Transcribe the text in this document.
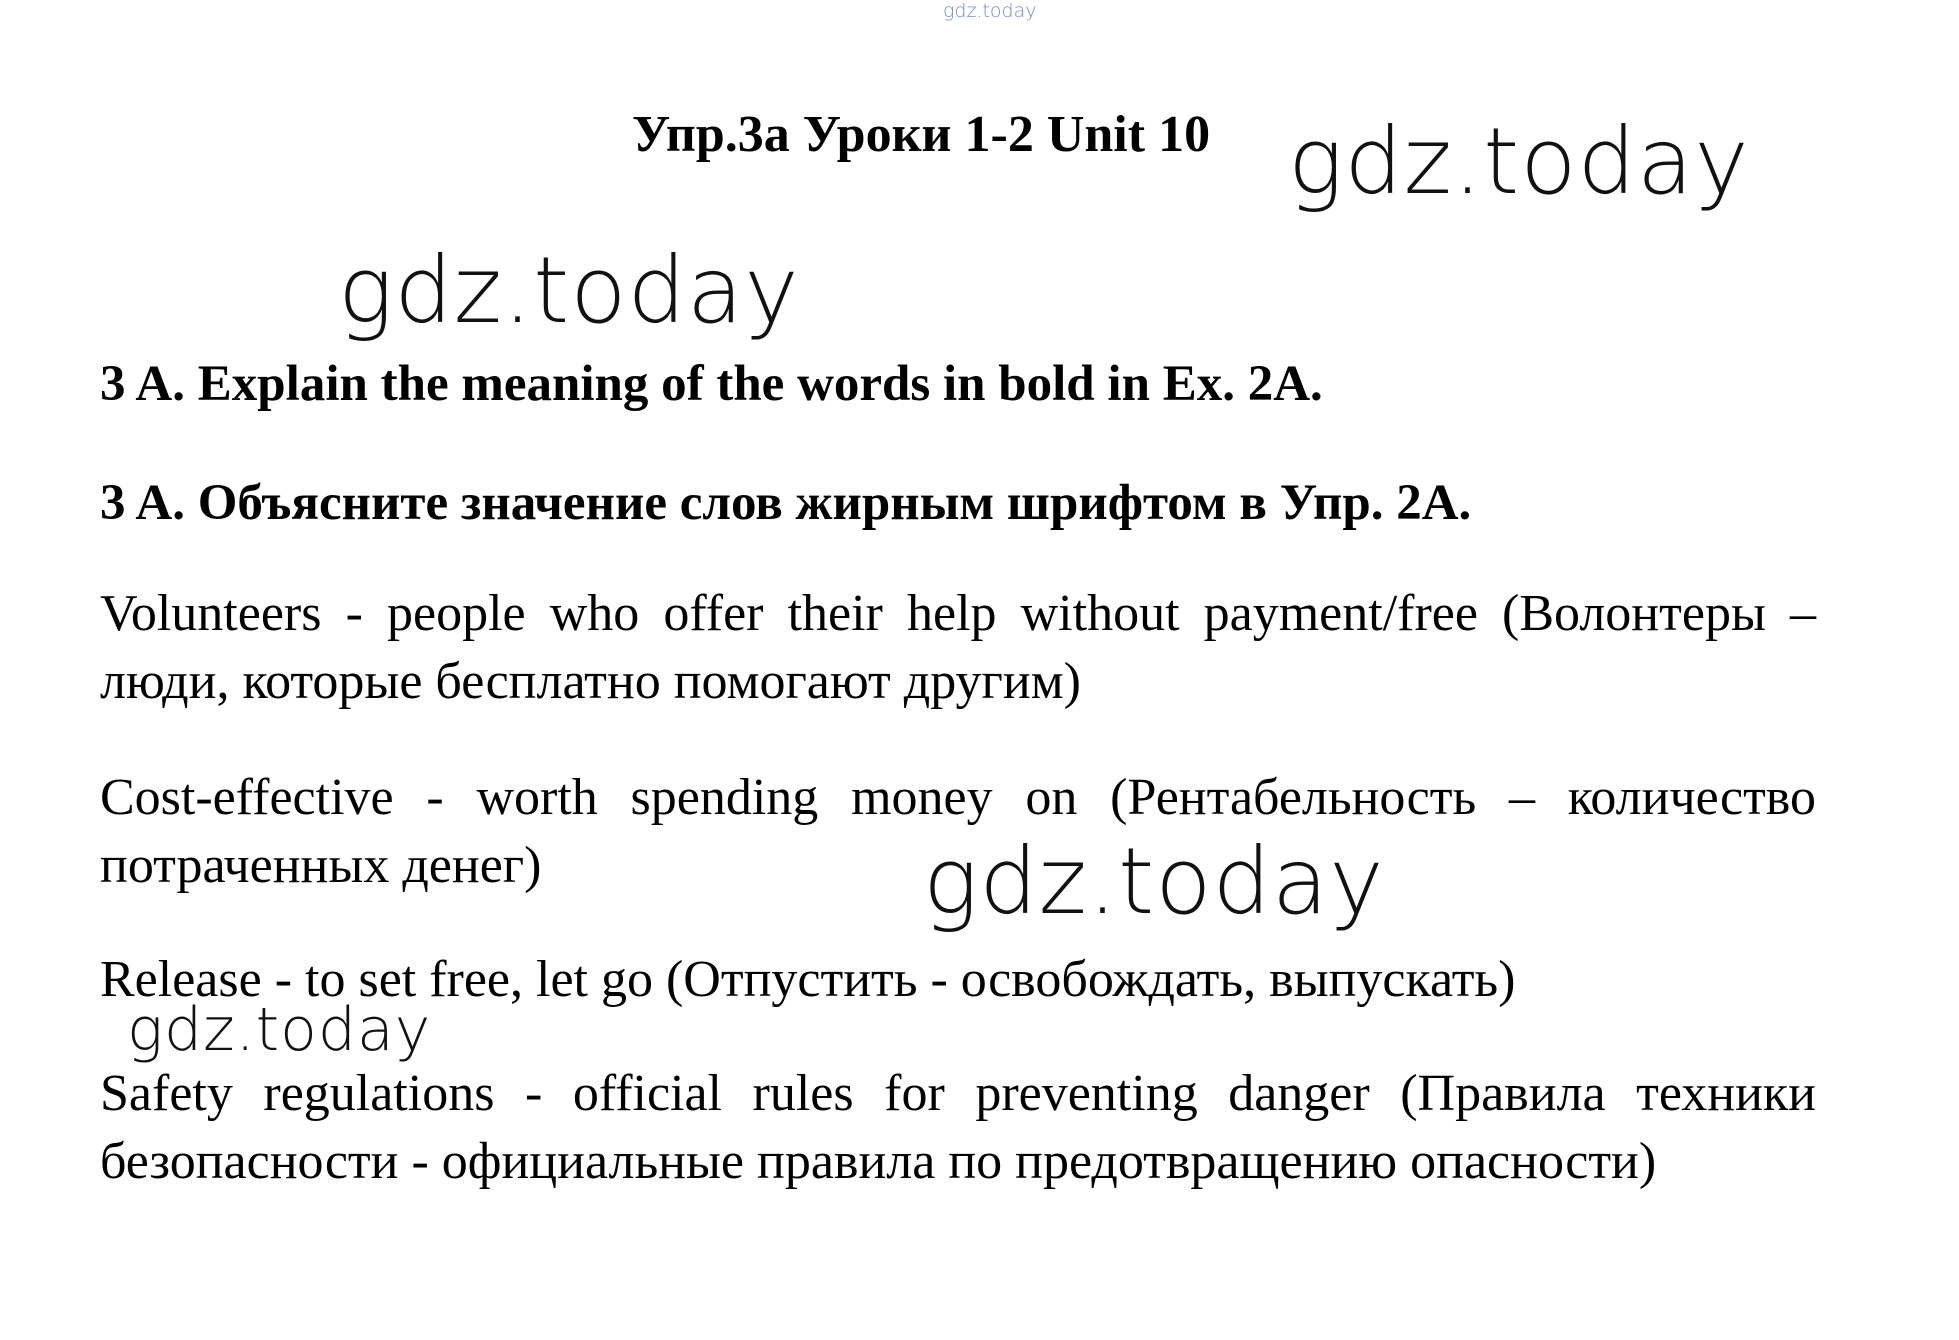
gdz.today
Упр.3а Уроки 1-2 Unit 10 gdz.today
gdz.today
3 A. Explain the meaning of the words in bold in Ex. 2A.
3 A. Объясните значение слов жирным шрифтом в Упр. 2A.
Volunteers - people who offer their help without payment/free (Волонтеры – люди, которые бесплатно помогают другим)
Cost-effective - worth spending money on (Рентабельность – количество потраченных денег)	gdz.today
Release - to set free, let go (Отпустить - освобождать, выпускать)
gdz.today
Safety regulations - official rules for preventing danger (Правила техники безопасности - официальные правила по предотвращению опасности)
